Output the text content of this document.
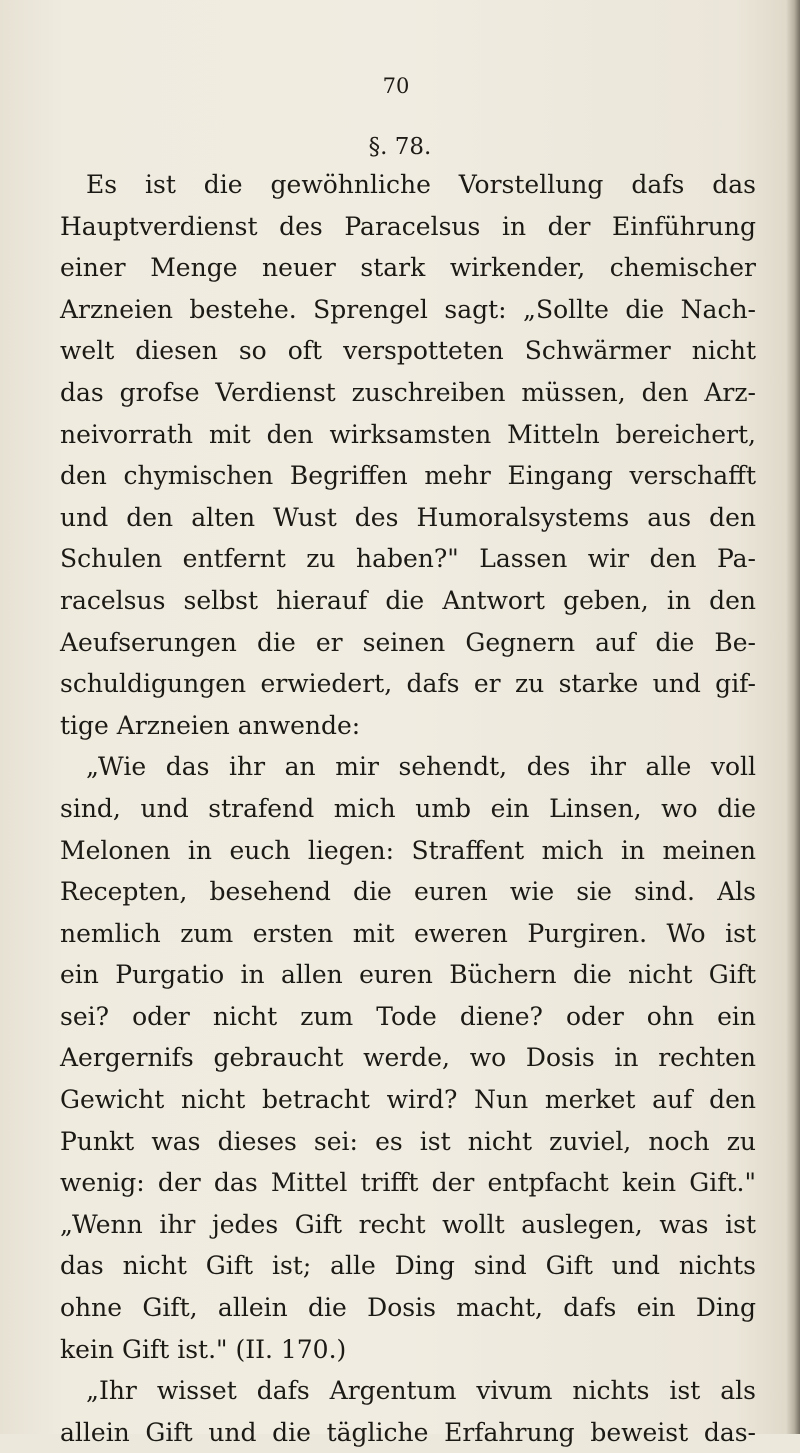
70
§. 78.
Es ist die gewöhnliche Vorstellung dafs das
Hauptverdienst des Paracelsus in der Einführung
einer Menge neuer stark wirkender, chemischer
Arzneien bestehe. Sprengel sagt: „Sollte die Nach-
welt diesen so oft verspotteten Schwärmer nicht
das grofse Verdienst zuschreiben müssen, den Arz-
neivorrath mit den wirksamsten Mitteln bereichert,
den chymischen Begriffen mehr Eingang verschafft
und den alten Wust des Humoralsystems aus den
Schulen entfernt zu haben?" Lassen wir den Pa-
racelsus selbst hierauf die Antwort geben, in den
Aeufserungen die er seinen Gegnern auf die Be-
schuldigungen erwiedert, dafs er zu starke und gif-
tige Arzneien anwende:
„Wie das ihr an mir sehendt, des ihr alle voll
sind, und strafend mich umb ein Linsen, wo die
Melonen in euch liegen: Straffent mich in meinen
Recepten, besehend die euren wie sie sind. Als
nemlich zum ersten mit eweren Purgiren. Wo ist
ein Purgatio in allen euren Büchern die nicht Gift
sei? oder nicht zum Tode diene? oder ohn ein
Aergernifs gebraucht werde, wo Dosis in rechten
Gewicht nicht betracht wird? Nun merket auf den
Punkt was dieses sei: es ist nicht zuviel, noch zu
wenig: der das Mittel trifft der entpfacht kein Gift."
„Wenn ihr jedes Gift recht wollt auslegen, was ist
das nicht Gift ist; alle Ding sind Gift und nichts
ohne Gift, allein die Dosis macht, dafs ein Ding
kein Gift ist." (II. 170.)
„Ihr wisset dafs Argentum vivum nichts ist als
allein Gift und die tägliche Erfahrung beweist das-
